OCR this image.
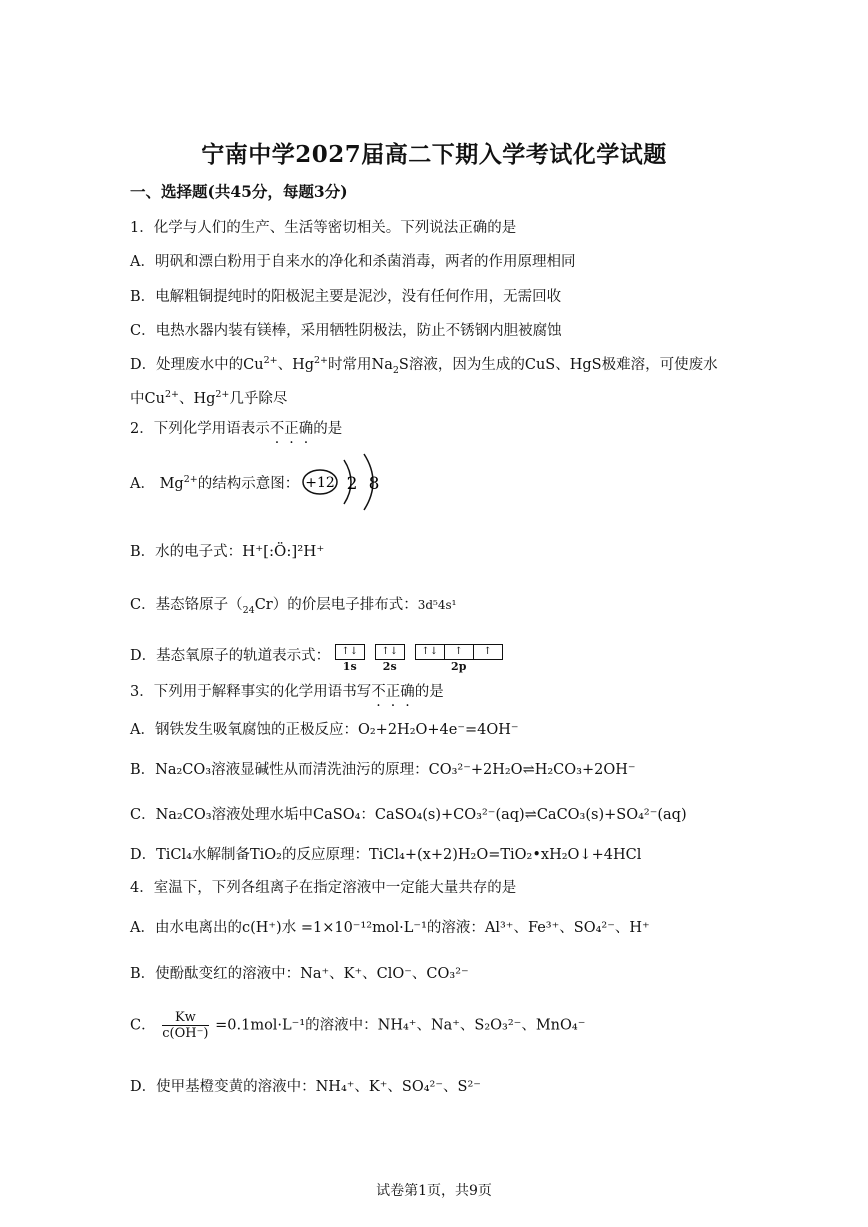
宁南中学2027届高二下期入学考试化学试题
一、选择题(共45分，每题3分)
1．化学与人们的生产、生活等密切相关。下列说法正确的是
A．明矾和漂白粉用于自来水的净化和杀菌消毒，两者的作用原理相同
B．电解粗铜提纯时的阳极泥主要是泥沙，没有任何作用，无需回收
C．电热水器内装有镁棒，采用牺牲阴极法，防止不锈钢内胆被腐蚀
D．处理废水中的$Cu^{2+}$、$Hg^{2+}$时常用$Na_2S$溶液，因为生成的CuS、HgS极难溶，可使废水
中$Cu^{2+}$、$Hg^{2+}$几乎除尽
2．下列化学用语表示不正确的是
A． $Mg^{2+}$的结构示意图： +12 2 8
B．水的电子式：H⁺[:Ö:]²H⁺
C．基态铬原子$(_{24}Cr)$的价层电子排布式：3d⁵4s¹
D．基态氧原子的轨道表示式： ↑↓
1s
↑↓
2s
↑↓ ↑ ↑
2p
3．下列用于解释事实的化学用语书写不正确的是
A．钢铁发生吸氧腐蚀的正极反应：O₂+2H₂O+4e⁻=4OH⁻
B．Na₂CO₃溶液显碱性从而清洗油污的原理：CO₃²⁻+2H₂O⇌H₂CO₃+2OH⁻
C．Na₂CO₃溶液处理水垢中CaSO₄：CaSO₄(s)+CO₃²⁻(aq)⇌CaCO₃(s)+SO₄²⁻(aq)
D．TiCl₄水解制备TiO₂的反应原理：TiCl₄+(x+2)H₂O=TiO₂•xH₂O↓+4HCl
4．室温下，下列各组离子在指定溶液中一定能大量共存的是
A．由水电离出的c(H⁺)水 =1×10⁻¹²mol·L⁻¹的溶液：Al³⁺、Fe³⁺、SO₄²⁻、H⁺
B．使酚酞变红的溶液中：Na⁺、K⁺、ClO⁻、CO₃²⁻
C． $\frac{Kw}{c(OH^-)} =0.1mol\cdot L^{-1}$的溶液中：NH₄⁺、Na⁺、S₂O₃²⁻、MnO₄⁻
D．使甲基橙变黄的溶液中：NH₄⁺、K⁺、SO₄²⁻、S²⁻
试卷第1页，共9页
